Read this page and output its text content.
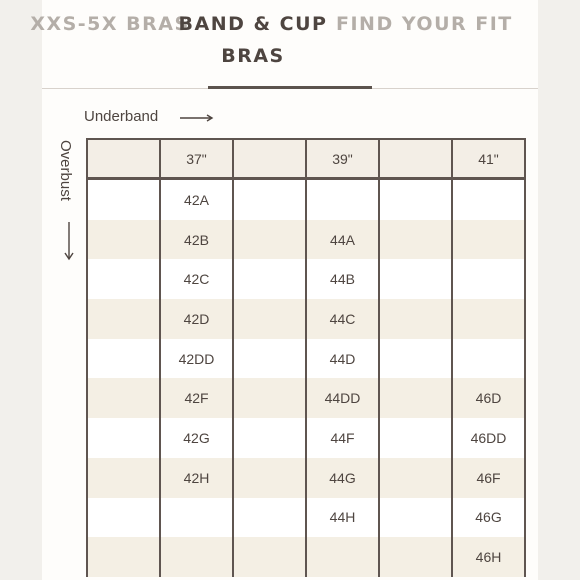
XXS-5X BRAS
BAND & CUP
BRAS
FIND YOUR FIT
Underband
Overbust
		37"		39"		41"
	42A				
	42B		44A		
	42C		44B		
	42D		44C		
	42DD		44D		
	42F		44DD		46D
	42G		44F		46DD
	42H		44G		46F
			44H		46G
					46H
